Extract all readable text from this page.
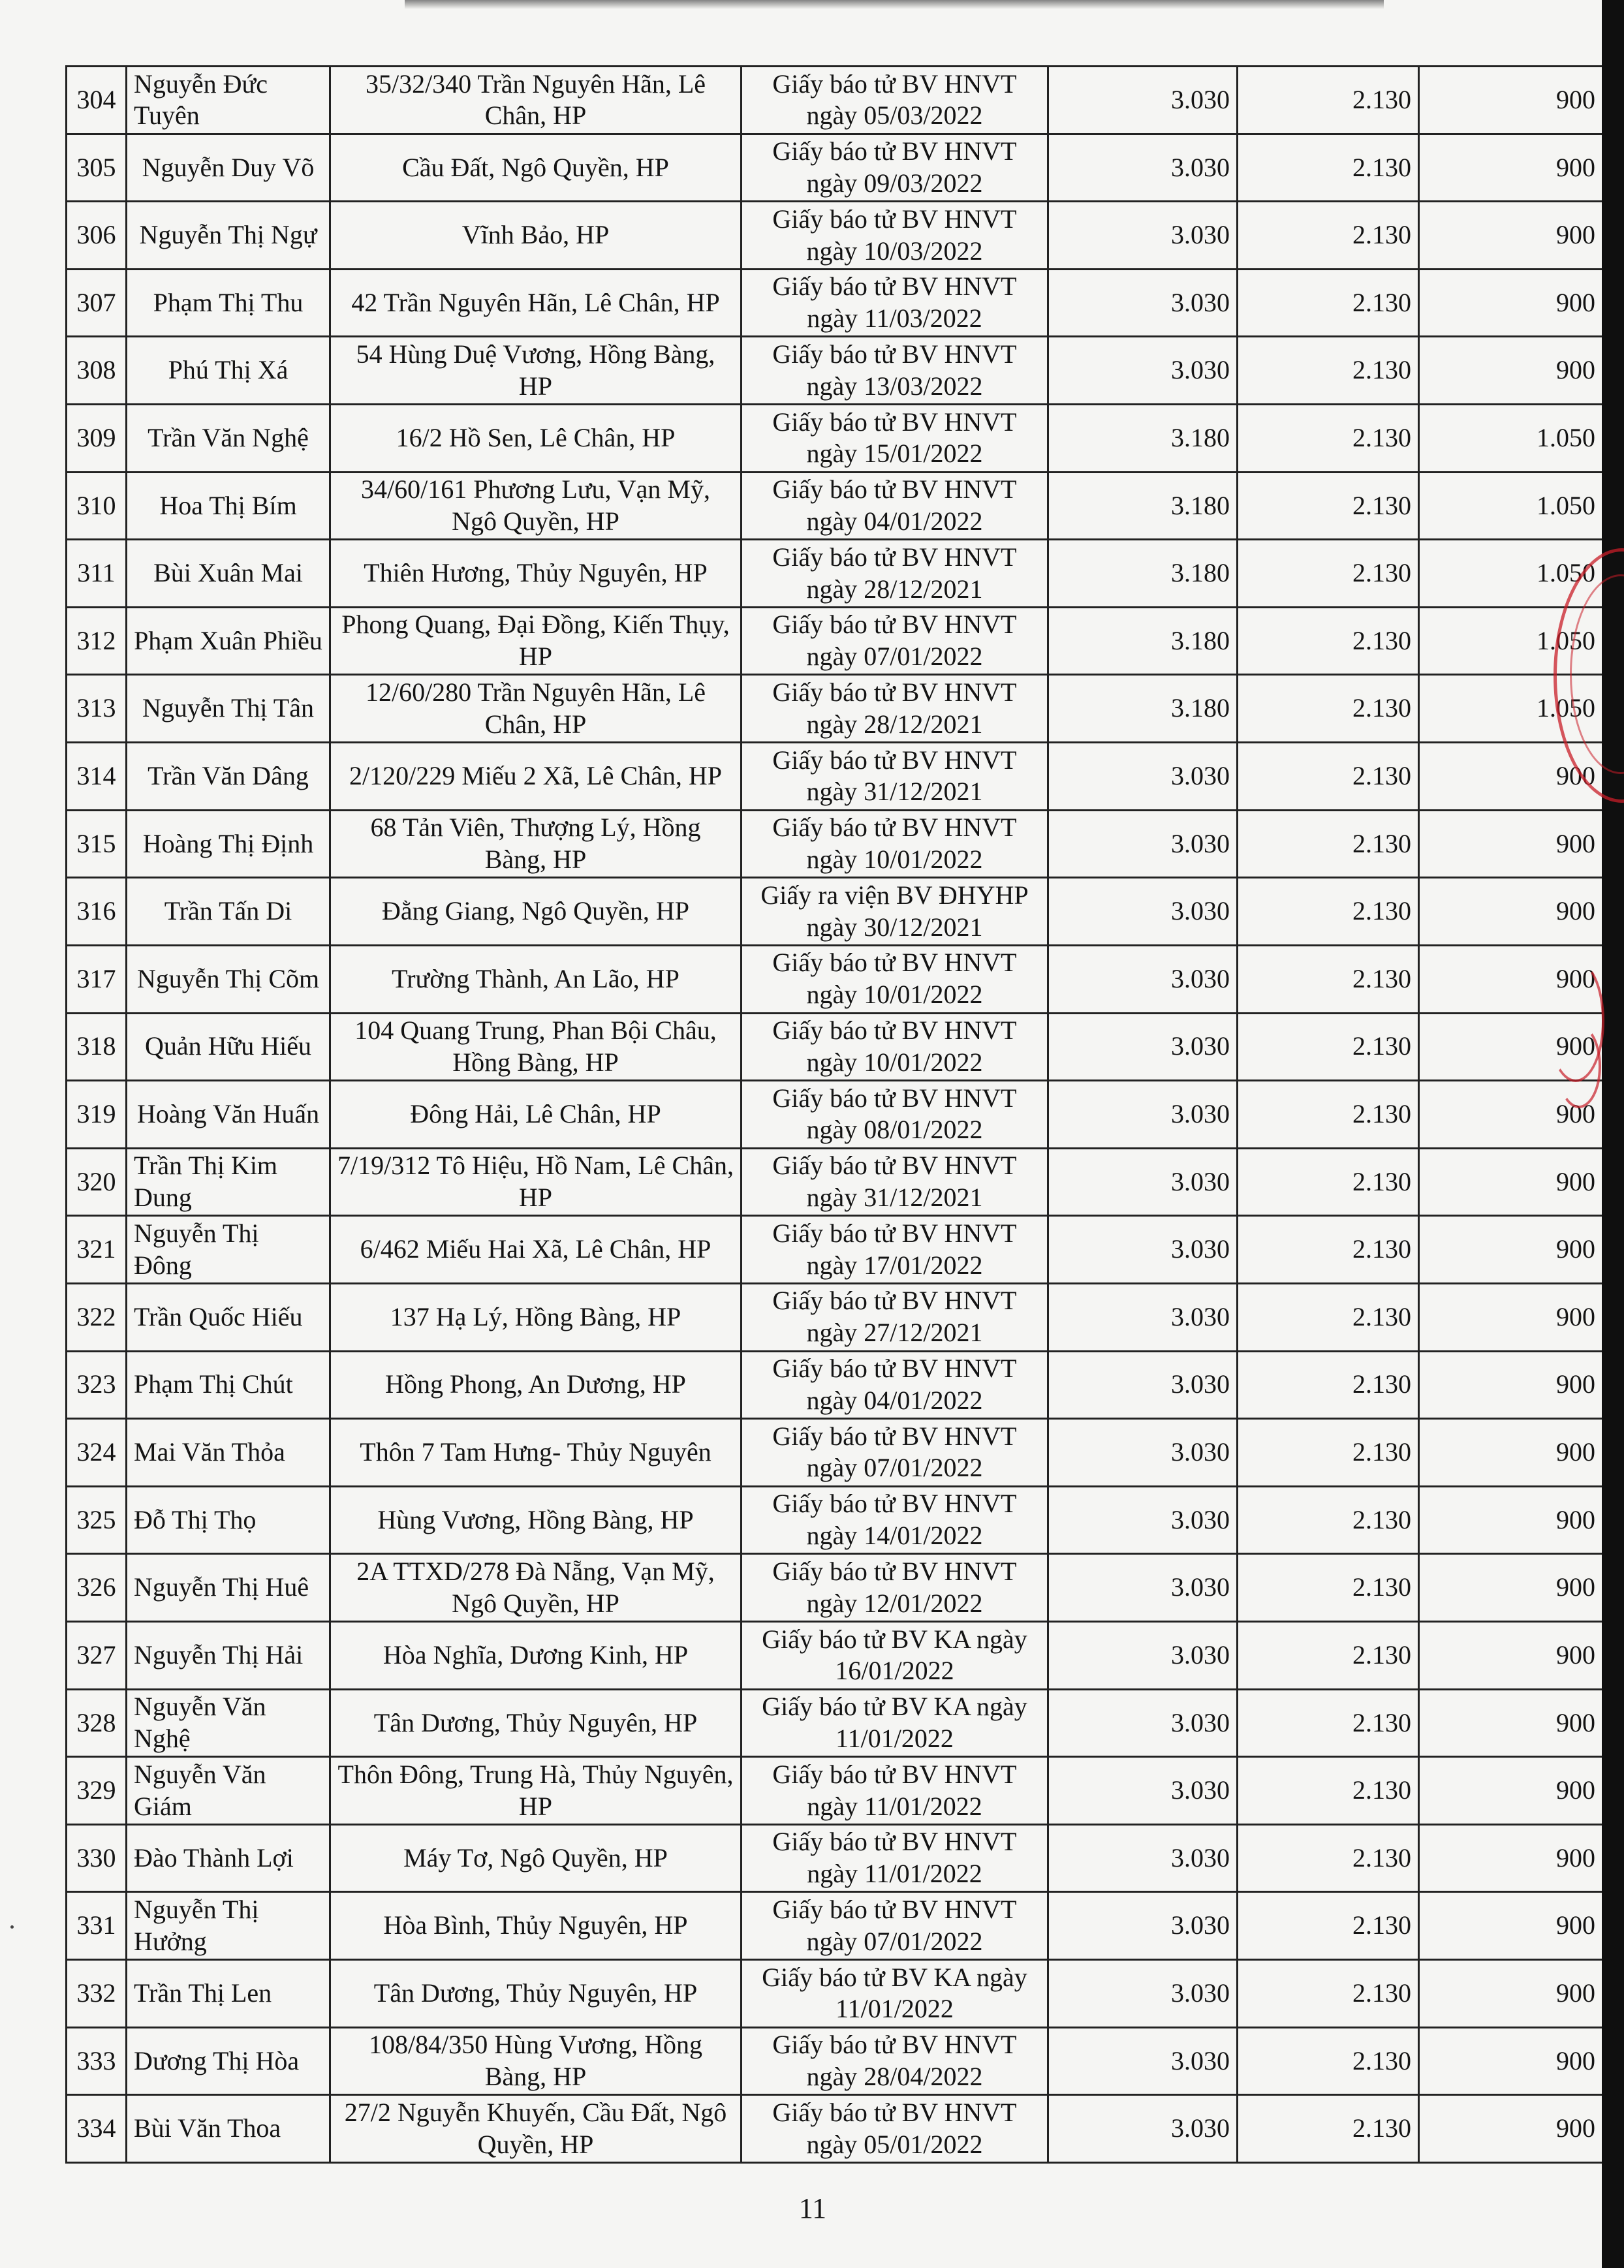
304	Nguyễn Đức Tuyên	35/32/340 Trần Nguyên Hãn, Lê Chân, HP	Giấy báo tử BV HNVT ngày 05/03/2022	3.030	2.130	900
305	Nguyễn Duy Võ	Cầu Đất, Ngô Quyền, HP	Giấy báo tử BV HNVT ngày 09/03/2022	3.030	2.130	900
306	Nguyễn Thị Ngự	Vĩnh Bảo, HP	Giấy báo tử BV HNVT ngày 10/03/2022	3.030	2.130	900
307	Phạm Thị Thu	42 Trần Nguyên Hãn, Lê Chân, HP	Giấy báo tử BV HNVT ngày 11/03/2022	3.030	2.130	900
308	Phú Thị Xá	54 Hùng Duệ Vương, Hồng Bàng, HP	Giấy báo tử BV HNVT ngày 13/03/2022	3.030	2.130	900
309	Trần Văn Nghệ	16/2 Hồ Sen, Lê Chân, HP	Giấy báo tử BV HNVT ngày 15/01/2022	3.180	2.130	1.050
310	Hoa Thị Bím	34/60/161 Phương Lưu, Vạn Mỹ, Ngô Quyền, HP	Giấy báo tử BV HNVT ngày 04/01/2022	3.180	2.130	1.050
311	Bùi Xuân Mai	Thiên Hương, Thủy Nguyên, HP	Giấy báo tử BV HNVT ngày 28/12/2021	3.180	2.130	1.050
312	Phạm Xuân Phiều	Phong Quang, Đại Đồng, Kiến Thụy, HP	Giấy báo tử BV HNVT ngày 07/01/2022	3.180	2.130	1.050
313	Nguyễn Thị Tân	12/60/280 Trần Nguyên Hãn, Lê Chân, HP	Giấy báo tử BV HNVT ngày 28/12/2021	3.180	2.130	1.050
314	Trần Văn Dâng	2/120/229 Miếu 2 Xã, Lê Chân, HP	Giấy báo tử BV HNVT ngày 31/12/2021	3.030	2.130	900
315	Hoàng Thị Định	68 Tản Viên, Thượng Lý, Hồng Bàng, HP	Giấy báo tử BV HNVT ngày 10/01/2022	3.030	2.130	900
316	Trần Tấn Di	Đằng Giang, Ngô Quyền, HP	Giấy ra viện BV ĐHYHP ngày 30/12/2021	3.030	2.130	900
317	Nguyễn Thị Cõm	Trường Thành, An Lão, HP	Giấy báo tử BV HNVT ngày 10/01/2022	3.030	2.130	900
318	Quản Hữu Hiếu	104 Quang Trung, Phan Bội Châu, Hồng Bàng, HP	Giấy báo tử BV HNVT ngày 10/01/2022	3.030	2.130	900
319	Hoàng Văn Huấn	Đông Hải, Lê Chân, HP	Giấy báo tử BV HNVT ngày 08/01/2022	3.030	2.130	900
320	Trần Thị Kim Dung	7/19/312 Tô Hiệu, Hồ Nam, Lê Chân, HP	Giấy báo tử BV HNVT ngày 31/12/2021	3.030	2.130	900
321	Nguyễn Thị Đông	6/462 Miếu Hai Xã, Lê Chân, HP	Giấy báo tử BV HNVT ngày 17/01/2022	3.030	2.130	900
322	Trần Quốc Hiếu	137 Hạ Lý, Hồng Bàng, HP	Giấy báo tử BV HNVT ngày 27/12/2021	3.030	2.130	900
323	Phạm Thị Chút	Hồng Phong, An Dương, HP	Giấy báo tử BV HNVT ngày 04/01/2022	3.030	2.130	900
324	Mai Văn Thỏa	Thôn 7 Tam Hưng- Thủy Nguyên	Giấy báo tử BV HNVT ngày 07/01/2022	3.030	2.130	900
325	Đỗ Thị Thọ	Hùng Vương, Hồng Bàng, HP	Giấy báo tử BV HNVT ngày 14/01/2022	3.030	2.130	900
326	Nguyễn Thị Huê	2A TTXD/278 Đà Nẵng, Vạn Mỹ, Ngô Quyền, HP	Giấy báo tử BV HNVT ngày 12/01/2022	3.030	2.130	900
327	Nguyễn Thị Hải	Hòa Nghĩa, Dương Kinh, HP	Giấy báo tử BV KA ngày 16/01/2022	3.030	2.130	900
328	Nguyễn Văn Nghệ	Tân Dương, Thủy Nguyên, HP	Giấy báo tử BV KA ngày 11/01/2022	3.030	2.130	900
329	Nguyễn Văn Giám	Thôn Đông, Trung Hà, Thủy Nguyên, HP	Giấy báo tử BV HNVT ngày 11/01/2022	3.030	2.130	900
330	Đào Thành Lợi	Máy Tơ, Ngô Quyền, HP	Giấy báo tử BV HNVT ngày 11/01/2022	3.030	2.130	900
331	Nguyễn Thị Hưởng	Hòa Bình, Thủy Nguyên, HP	Giấy báo tử BV HNVT ngày 07/01/2022	3.030	2.130	900
332	Trần Thị Len	Tân Dương, Thủy Nguyên, HP	Giấy báo tử BV KA ngày 11/01/2022	3.030	2.130	900
333	Dương Thị Hòa	108/84/350 Hùng Vương, Hồng Bàng, HP	Giấy báo tử BV HNVT ngày 28/04/2022	3.030	2.130	900
334	Bùi Văn Thoa	27/2 Nguyễn Khuyến, Cầu Đất, Ngô Quyền, HP	Giấy báo tử BV HNVT ngày 05/01/2022	3.030	2.130	900
11
